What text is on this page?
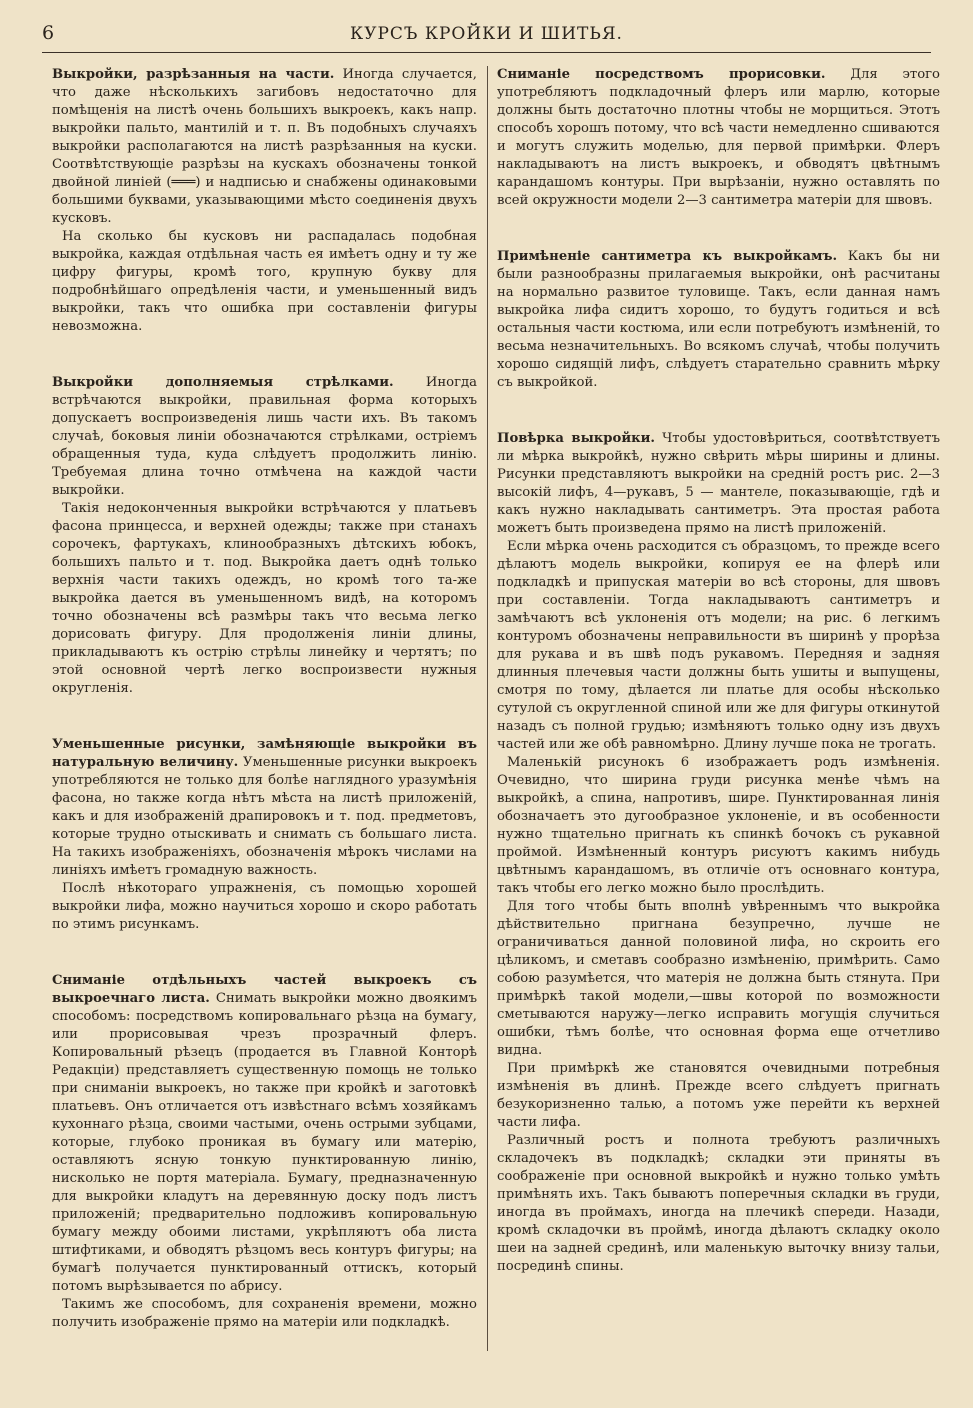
6	КУРСЪ КРОЙКИ И ШИТЬЯ.

Выкройки, разрѣзанныя на части. Иногда случается, что даже нѣсколькихъ загибовъ недостаточно для помѣщенія на листѣ очень большихъ выкроекъ, какъ напр. выкройки пальто, мантилій и т. п. Въ подобныхъ случаяхъ выкройки располагаются на листѣ разрѣзанныя на куски. Соотвѣтствующіе разрѣзы на кускахъ обозначены тонкой двойной линіей (═══) и надписью и снабжены одинаковыми большими буквами, указывающими мѣсто соединенія двухъ кусковъ.

На сколько бы кусковъ ни распадалась подобная выкройка, каждая отдѣльная часть ея имѣетъ одну и ту же цифру фигуры, кромѣ того, крупную букву для подробнѣйшаго опредѣленія части, и уменьшенный видъ выкройки, такъ что ошибка при составленіи фигуры невозможна.

Выкройки дополняемыя стрѣлками. Иногда встрѣчаются выкройки, правильная форма которыхъ допускаетъ воспроизведенія лишь части ихъ. Въ такомъ случаѣ, боковыя линіи обозначаются стрѣлками, остріемъ обращенныя туда, куда слѣдуетъ продолжить линію. Требуемая длина точно отмѣчена на каждой части выкройки.

Такія недоконченныя выкройки встрѣчаются у платьевъ фасона принцесса, и верхней одежды; также при станахъ сорочекъ, фартукахъ, клинообразныхъ дѣтскихъ юбокъ, большихъ пальто и т. под. Выкройка даетъ однѣ только верхнія части такихъ одеждъ, но кромѣ того та-же выкройка дается въ уменьшенномъ видѣ, на которомъ точно обозначены всѣ размѣры такъ что весьма легко дорисовать фигуру. Для продолженія линіи длины, прикладываютъ къ острію стрѣлы линейку и чертятъ; по этой основной чертѣ легко воспроизвести нужныя округленія.

Уменьшенные рисунки, замѣняющіе выкройки въ натуральную величину. Уменьшенные рисунки выкроекъ употребляются не только для болѣе наглядного уразумѣнія фасона, но также когда нѣтъ мѣста на листѣ приложеній, какъ и для изображеній драпировокъ и т. под. предметовъ, которые трудно отыскивать и снимать съ большаго листа. На такихъ изображеніяхъ, обозначенія мѣрокъ числами на линіяхъ имѣетъ громадную важность.

Послѣ нѣкотораго упражненія, съ помощью хорошей выкройки лифа, можно научиться хорошо и скоро работать по этимъ рисункамъ.

Сниманіе отдѣльныхъ частей выкроекъ съ выкроечнаго листа. Снимать выкройки можно двоякимъ способомъ: посредствомъ копировальнаго рѣзца на бумагу, или прорисовывая чрезъ прозрачный флеръ. Копировальный рѣзецъ (продается въ Главной Конторѣ Редакціи) представляетъ существенную помощь не только при сниманіи выкроекъ, но также при кройкѣ и заготовкѣ платьевъ. Онъ отличается отъ извѣстнаго всѣмъ хозяйкамъ кухоннаго рѣзца, своими частыми, очень острыми зубцами, которые, глубоко проникая въ бумагу или матерію, оставляютъ ясную тонкую пунктированную линію, нисколько не портя матеріала. Бумагу, предназначенную для выкройки кладутъ на деревянную доску подъ листъ приложеній; предварительно подложивъ копировальную бумагу между обоими листами, укрѣпляютъ оба листа штифтиками, и обводятъ рѣзцомъ весь контуръ фигуры; на бумагѣ получается пунктированный оттискъ, который потомъ вырѣзывается по абрису.

Такимъ же способомъ, для сохраненія времени, можно получить изображеніе прямо на матеріи или подкладкѣ.

Сниманіе посредствомъ прорисовки. Для этого употребляютъ подкладочный флеръ или марлю, которые должны быть достаточно плотны чтобы не морщиться. Этотъ способъ хорошъ потому, что всѣ части немедленно сшиваются и могутъ служить моделью, для первой примѣрки. Флеръ накладываютъ на листъ выкроекъ, и обводятъ цвѣтнымъ карандашомъ контуры. При вырѣзаніи, нужно оставлять по всей окружности модели 2—3 сантиметра матеріи для швовъ.

Примѣненіе сантиметра къ выкройкамъ. Какъ бы ни были разнообразны прилагаемыя выкройки, онѣ расчитаны на нормально развитое туловище. Такъ, если данная намъ выкройка лифа сидитъ хорошо, то будутъ годиться и всѣ остальныя части костюма, или если потребуютъ измѣненій, то весьма незначительныхъ. Во всякомъ случаѣ, чтобы получить хорошо сидящій лифъ, слѣдуетъ старательно сравнить мѣрку съ выкройкой.

Повѣрка выкройки. Чтобы удостовѣриться, соотвѣтствуетъ ли мѣрка выкройкѣ, нужно свѣрить мѣры ширины и длины. Рисунки представляютъ выкройки на средній ростъ рис. 2—3 высокій лифъ, 4—рукавъ, 5 — мантеле, показывающіе, гдѣ и какъ нужно накладывать сантиметръ. Эта простая работа можетъ быть произведена прямо на листѣ приложеній.

Если мѣрка очень расходится съ образцомъ, то прежде всего дѣлаютъ модель выкройки, копируя ее на флерѣ или подкладкѣ и припуская матеріи во всѣ стороны, для швовъ при составленіи. Тогда накладываютъ сантиметръ и замѣчаютъ всѣ уклоненія отъ модели; на рис. 6 легкимъ контуромъ обозначены неправильности въ ширинѣ у прорѣза для рукава и въ швѣ подъ рукавомъ. Передняя и задняя длинныя плечевыя части должны быть ушиты и выпущены, смотря по тому, дѣлается ли платье для особы нѣсколько сутулой съ округленной спиной или же для фигуры откинутой назадъ съ полной грудью; измѣняютъ только одну изъ двухъ частей или же обѣ равномѣрно. Длину лучше пока не трогать.

Маленькій рисунокъ 6 изображаетъ родъ измѣненія. Очевидно, что ширина груди рисунка менѣе чѣмъ на выкройкѣ, а спина, напротивъ, шире. Пунктированная линія обозначаетъ это дугообразное уклоненіе, и въ особенности нужно тщательно пригнать къ спинкѣ бочокъ съ рукавной проймой. Измѣненный контуръ рисуютъ какимъ нибудь цвѣтнымъ карандашомъ, въ отличіе отъ основнаго контура, такъ чтобы его легко можно было прослѣдить.

Для того чтобы быть вполнѣ увѣреннымъ что выкройка дѣйствительно пригнана безупречно, лучше не ограничиваться данной половиной лифа, но скроить его цѣликомъ, и сметавъ сообразно измѣненію, примѣрить. Само собою разумѣется, что матерія не должна быть стянута. При примѣркѣ такой модели,—швы которой по возможности сметываются наружу—легко исправить могущія случиться ошибки, тѣмъ болѣе, что основная форма еще отчетливо видна.

При примѣркѣ же становятся очевидными потребныя измѣненія въ длинѣ. Прежде всего слѣдуетъ пригнать безукоризненно талью, а потомъ уже перейти къ верхней части лифа.

Различный ростъ и полнота требуютъ различныхъ складочекъ въ подкладкѣ; складки эти приняты въ соображеніе при основной выкройкѣ и нужно только умѣть примѣнять ихъ. Такъ бываютъ поперечныя складки въ груди, иногда въ проймахъ, иногда на плечикѣ спереди. Назади, кромѣ складочки въ проймѣ, иногда дѣлаютъ складку около шеи на задней срединѣ, или маленькую выточку внизу тальи, посрединѣ спины.
